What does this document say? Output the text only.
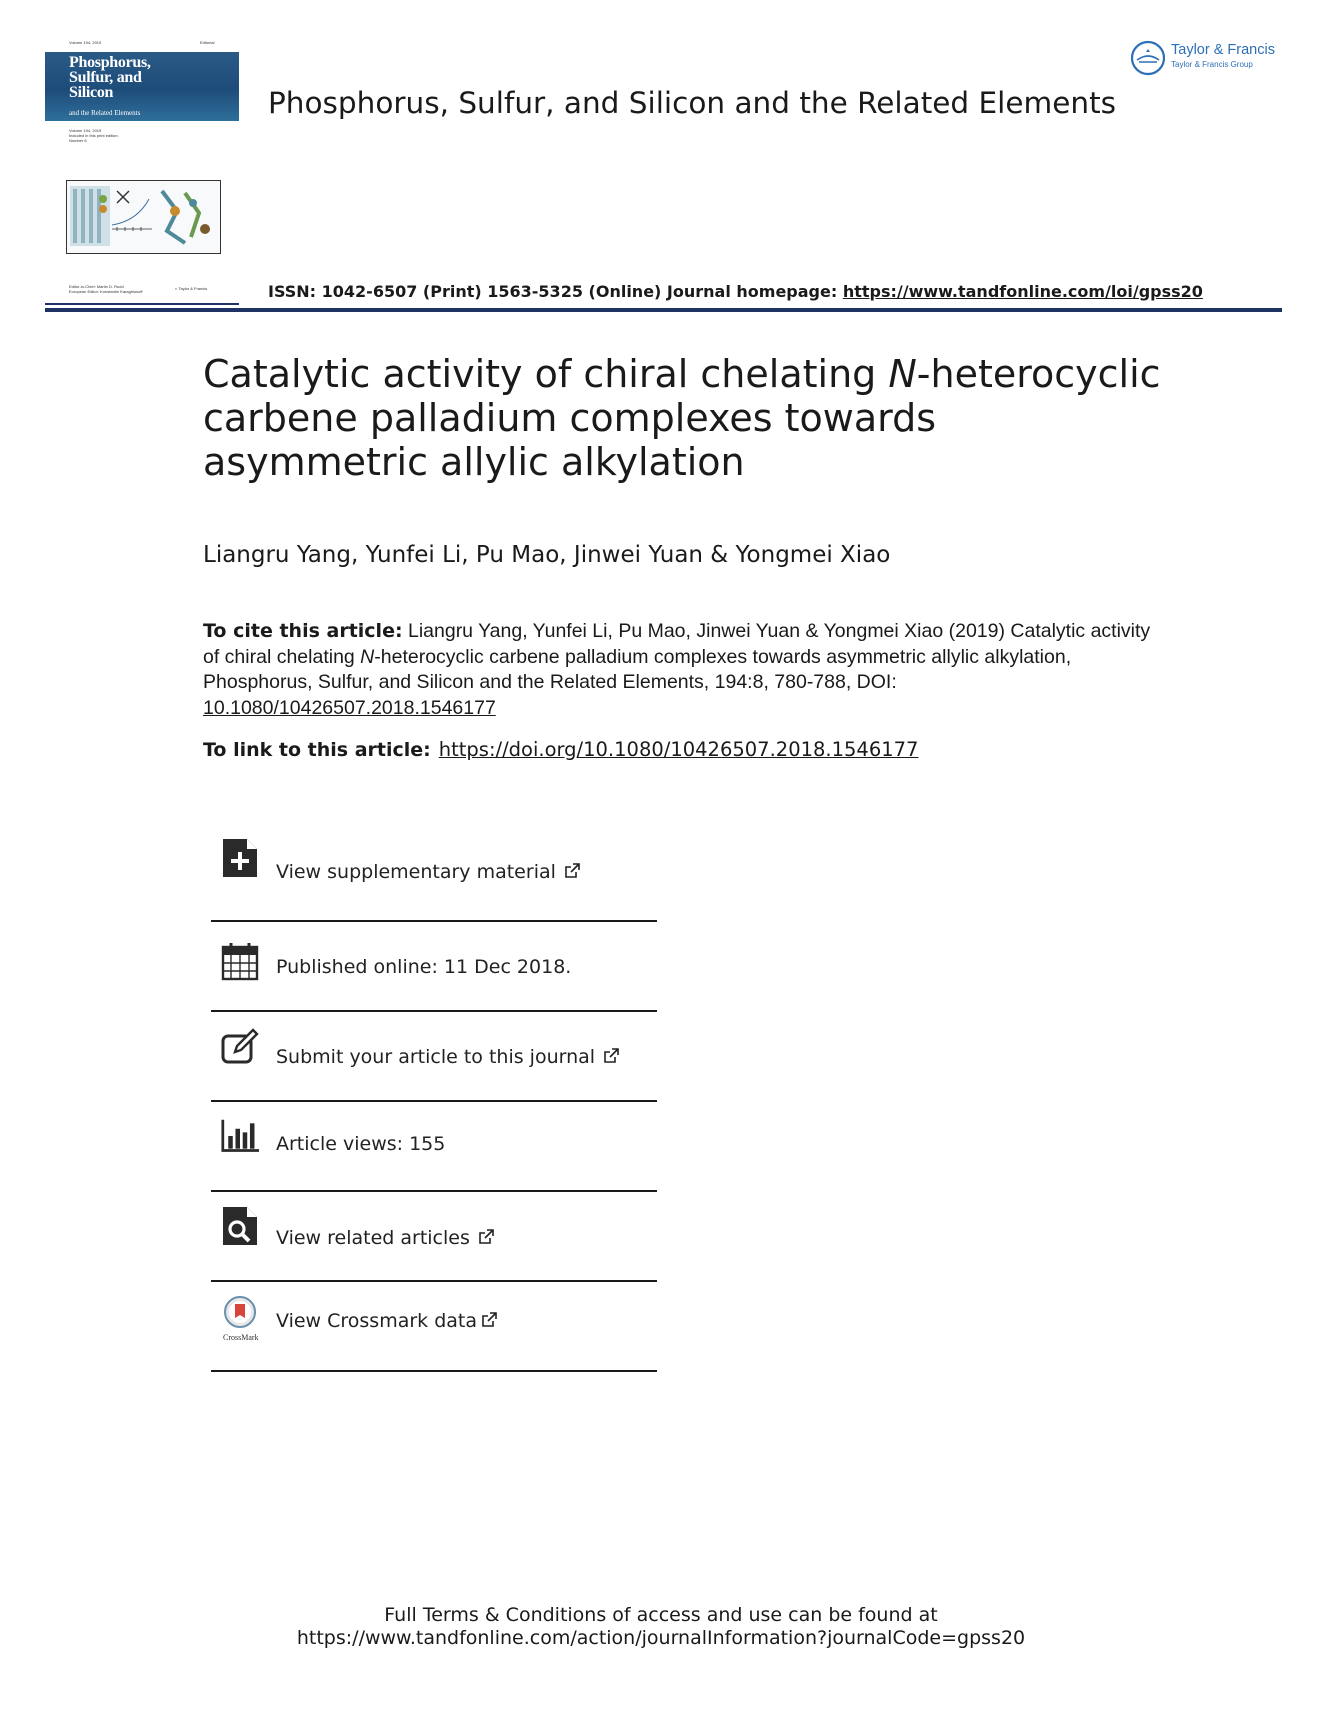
Volume 194, 2019	Editorial
Phosphorus,
Sulfur, and
Silicon
and the Related Elements
Volume 194, 2019
Included in this print edition:
Number 8
Editor-in-Chief: Martin D. Rudd
European Editor: Konstantin Karaghiosoff
◐ Taylor & Francis
Phosphorus, Sulfur, and Silicon and the Related Elements
Taylor & Francis
Taylor & Francis Group
ISSN: 1042-6507 (Print) 1563-5325 (Online) Journal homepage: https://www.tandfonline.com/loi/gpss20
Catalytic activity of chiral chelating N-heterocyclic carbene palladium complexes towards asymmetric allylic alkylation
Liangru Yang, Yunfei Li, Pu Mao, Jinwei Yuan & Yongmei Xiao
To cite this article: Liangru Yang, Yunfei Li, Pu Mao, Jinwei Yuan & Yongmei Xiao (2019) Catalytic activity of chiral chelating N-heterocyclic carbene palladium complexes towards asymmetric allylic alkylation, Phosphorus, Sulfur, and Silicon and the Related Elements, 194:8, 780-788, DOI:
10.1080/10426507.2018.1546177
To link to this article: https://doi.org/10.1080/10426507.2018.1546177
View supplementary material
Published online: 11 Dec 2018.
Submit your article to this journal
Article views: 155
View related articles
CrossMark
View Crossmark data
Full Terms & Conditions of access and use can be found at
https://www.tandfonline.com/action/journalInformation?journalCode=gpss20
